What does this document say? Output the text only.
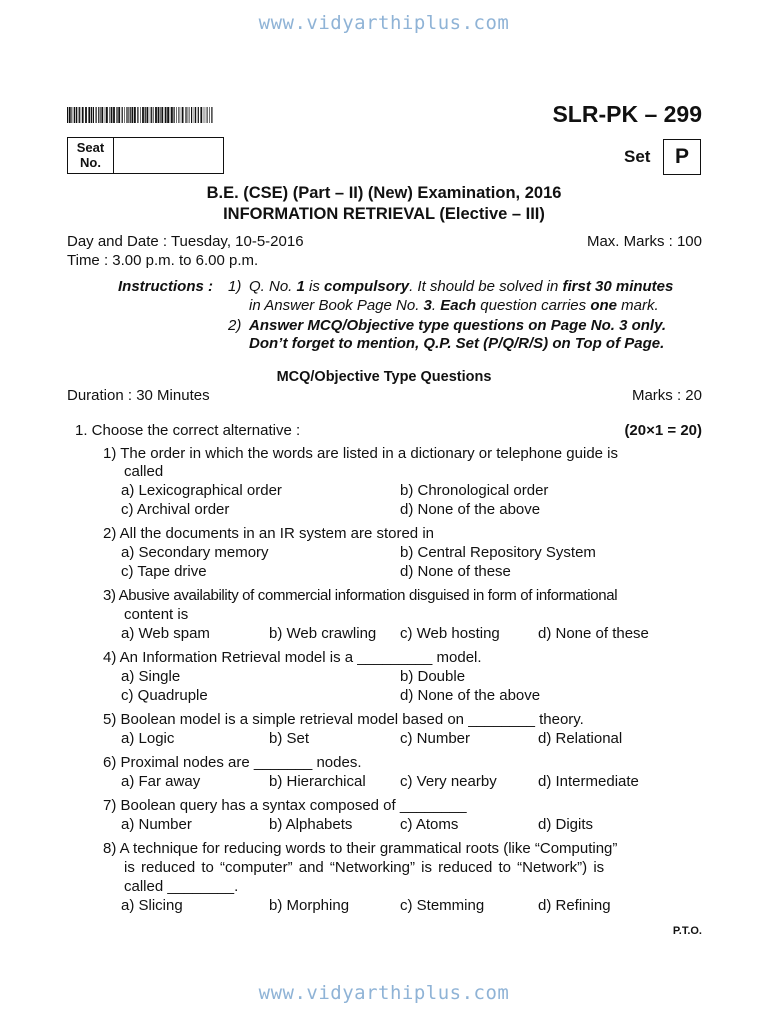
www.vidyarthiplus.com
SLR-PK – 299
Seat
No.	Set	P
B.E. (CSE) (Part – II) (New) Examination, 2016
INFORMATION RETRIEVAL (Elective – III)
Day and Date : Tuesday, 10-5-2016	Max. Marks : 100
Time : 3.00 p.m. to 6.00 p.m.
Instructions : 1) Q. No. 1 is compulsory. It should be solved in first 30 minutes
in Answer Book Page No. 3. Each question carries one mark.
2) Answer MCQ/Objective type questions on Page No. 3 only.
Don’t forget to mention, Q.P. Set (P/Q/R/S) on Top of Page.
MCQ/Objective Type Questions
Duration : 30 Minutes	Marks : 20
1. Choose the correct alternative :	(20×1 = 20)
1) The order in which the words are listed in a dictionary or telephone guide is
called
a) Lexicographical order	b) Chronological order
c) Archival order	d) None of the above
2) All the documents in an IR system are stored in
a) Secondary memory	b) Central Repository System
c) Tape drive	d) None of these
3) Abusive availability of commercial information disguised in form of informational
content is
a) Web spam	b) Web crawling c) Web hosting	d) None of these
4) An Information Retrieval model is a _________ model.
a) Single	b) Double
c) Quadruple	d) None of the above
5) Boolean model is a simple retrieval model based on ________ theory.
a) Logic	b) Set	c) Number	d) Relational
6) Proximal nodes are _______ nodes.
a) Far away	b) Hierarchical c) Very nearby	d) Intermediate
7) Boolean query has a syntax composed of ________
a) Number	b) Alphabets	c) Atoms	d) Digits
8) A technique for reducing words to their grammatical roots (like “Computing”
is reduced to “computer” and “Networking” is reduced to “Network”) is
called ________.
a) Slicing	b) Morphing	c) Stemming	d) Refining
P.T.O.
www.vidyarthiplus.com
